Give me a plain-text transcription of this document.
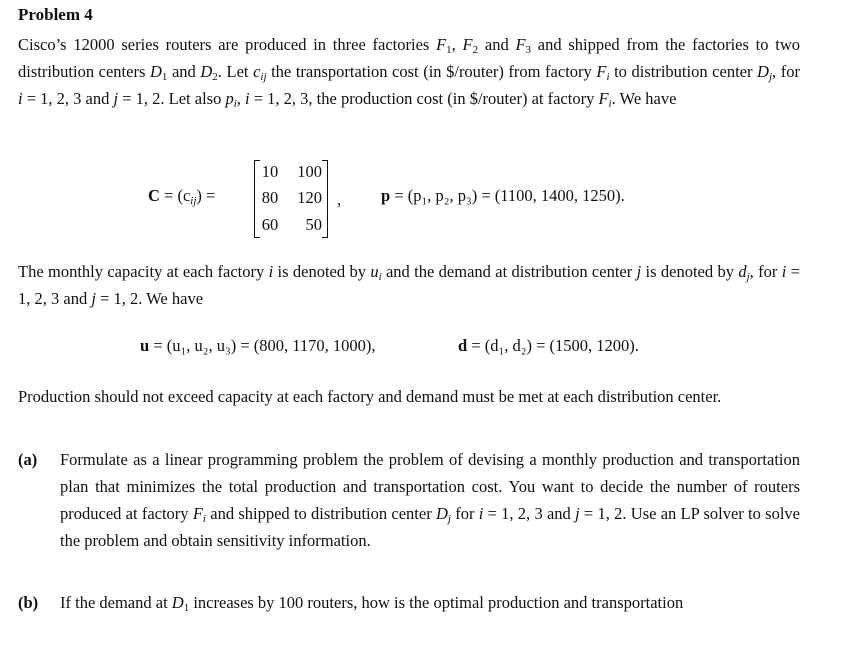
Problem 4
Cisco’s 12000 series routers are produced in three factories $F_1$, $F_2$ and $F_3$ and shipped from the factories to two distribution centers $D_1$ and $D_2$. Let $c_{ij}$ the transportation cost (in $/router) from factory $F_i$ to distribution center $D_j$, for i = 1, 2, 3 and j = 1, 2. Let also $p_i$, i = 1, 2, 3, the production cost (in $/router) at factory $F_i$. We have
$C = (c_{ij})$ =
10	100
80	120
60	50
, p = (p₁, p₂, p₃) = (1100, 1400, 1250).
The monthly capacity at each factory i is denoted by $u_i$ and the demand at distribution center j is denoted by $d_j$, for i = 1, 2, 3 and j = 1, 2. We have
u = (u₁, u₂, u₃) = (800, 1170, 1000),	d = (d₁, d₂) = (1500, 1200).
Production should not exceed capacity at each factory and demand must be met at each distribution center.
(a) Formulate as a linear programming problem the problem of devising a monthly production and transportation plan that minimizes the total production and transportation cost. You want to decide the number of routers produced at factory $F_i$ and shipped to distribution center $D_j$ for i = 1, 2, 3 and j = 1, 2. Use an LP solver to solve the problem and obtain sensitivity information.
(b) If the demand at $D_1$ increases by 100 routers, how is the optimal production and transportation
